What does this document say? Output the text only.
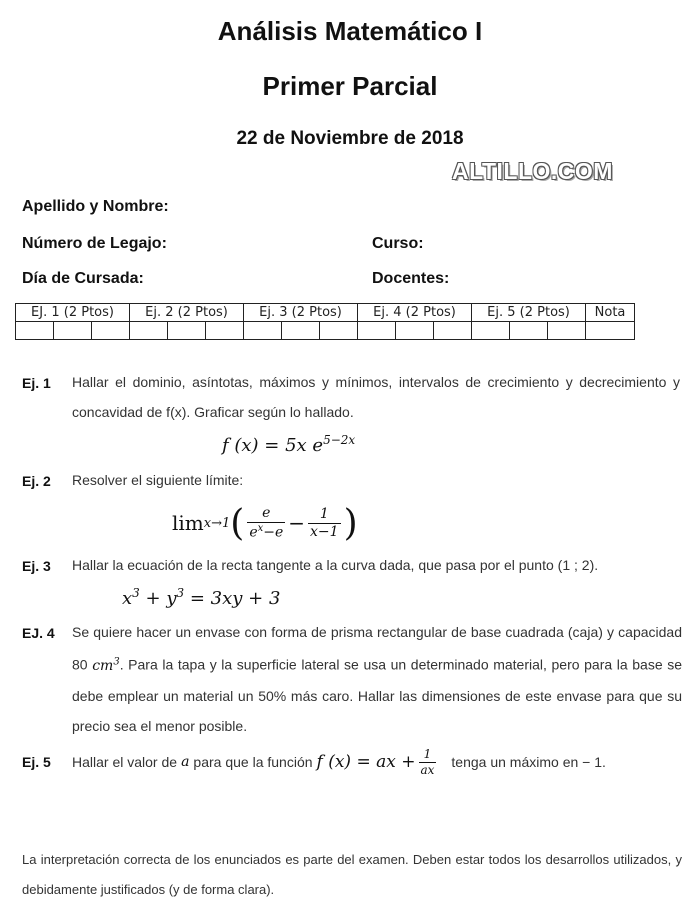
Análisis Matemático I
Primer Parcial
22 de Noviembre de 2018
ALTILLO.COM
Apellido y Nombre:
Número de Legajo:	Curso:
Día de Cursada:	Docentes:
EJ. 1 (2 Ptos)			Ej. 2 (2 Ptos)			Ej. 3 (2 Ptos)			Ej. 4 (2 Ptos)			Ej. 5 (2 Ptos)			Nota

Ej. 1 Hallar el dominio, asíntotas, máximos y mínimos, intervalos de crecimiento y decrecimiento y concavidad de f(x). Graficar según lo hallado.
f (x) = 5x $e^{5-2x}$
Ej. 2 Resolver el siguiente límite:
lim x→1 ( $\frac{e}{e^x-e} - \frac{1}{x-1}$ )
Ej. 3 Hallar la ecuación de la recta tangente a la curva dada, que pasa por el punto (1 ; 2).
$x^3 + y^3 = 3xy + 3$
EJ. 4 Se quiere hacer un envase con forma de prisma rectangular de base cuadrada (caja) y capacidad 80 $cm^3$. Para la tapa y la superficie lateral se usa un determinado material, pero para la base se debe emplear un material un 50% más caro. Hallar las dimensiones de este envase para que su precio sea el menor posible.
Ej. 5 Hallar el valor de a para que la función f (x) = ax + $\frac{1}{ax}$ tenga un máximo en − 1.
La interpretación correcta de los enunciados es parte del examen. Deben estar todos los desarrollos utilizados, y debidamente justificados (y de forma clara).
